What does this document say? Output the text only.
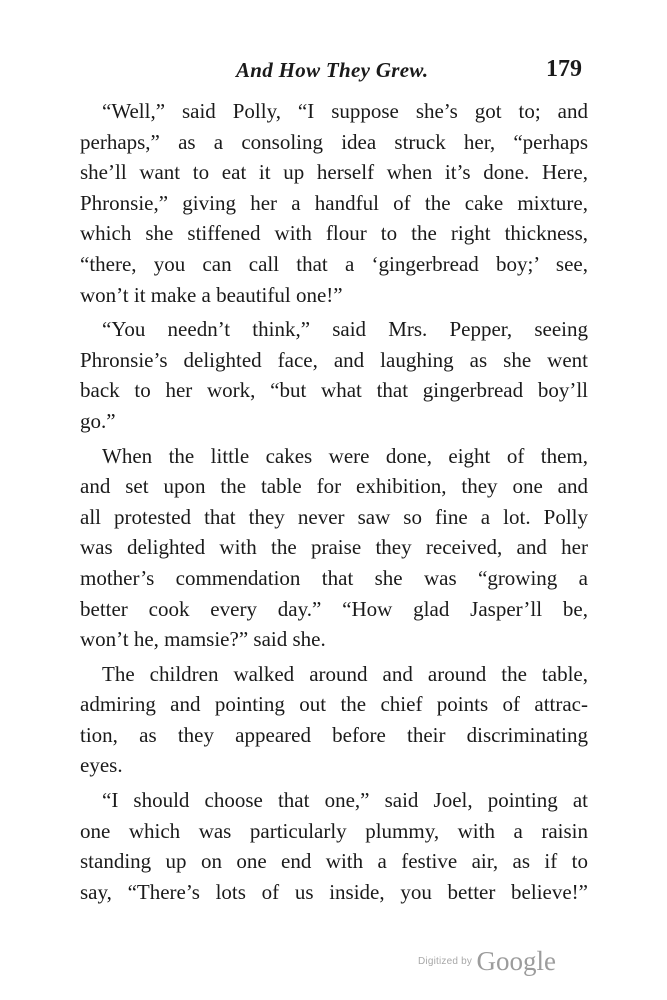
And How They Grew.	179

“Well,” said Polly, “I suppose she’s got to; and
perhaps,” as a consoling idea struck her, “perhaps
she’ll want to eat it up herself when it’s done. Here,
Phronsie,” giving her a handful of the cake mixture,
which she stiffened with flour to the right thickness,
“there, you can call that a ‘gingerbread boy;’ see,
won’t it make a beautiful one!”

“You needn’t think,” said Mrs. Pepper, seeing
Phronsie’s delighted face, and laughing as she went
back to her work, “but what that gingerbread boy’ll
go.”

When the little cakes were done, eight of them,
and set upon the table for exhibition, they one and
all protested that they never saw so fine a lot. Polly
was delighted with the praise they received, and her
mother’s commendation that she was “growing a
better cook every day.” “How glad Jasper’ll be,
won’t he, mamsie?” said she.

The children walked around and around the table,
admiring and pointing out the chief points of attrac-
tion, as they appeared before their discriminating
eyes.

“I should choose that one,” said Joel, pointing at
one which was particularly plummy, with a raisin
standing up on one end with a festive air, as if to
say, “There’s lots of us inside, you better believe!”

Digitized by Google
